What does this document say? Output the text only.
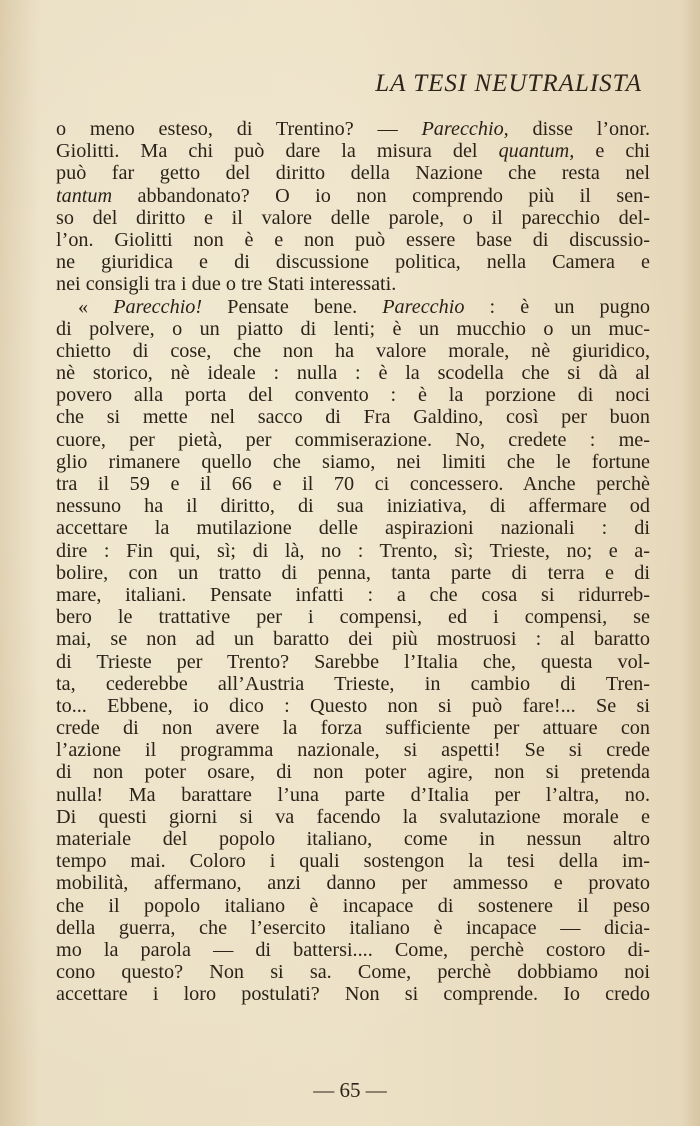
LA TESI NEUTRALISTA
o meno esteso, di Trentino? — Parecchio, disse l’onor.
Giolitti. Ma chi può dare la misura del quantum, e chi
può far getto del diritto della Nazione che resta nel
tantum abbandonato? O io non comprendo più il sen-
so del diritto e il valore delle parole, o il parecchio del-
l’on. Giolitti non è e non può essere base di discussio-
ne giuridica e di discussione politica, nella Camera e
nei consigli tra i due o tre Stati interessati.
« Parecchio! Pensate bene. Parecchio : è un pugno
di polvere, o un piatto di lenti; è un mucchio o un muc-
chietto di cose, che non ha valore morale, nè giuridico,
nè storico, nè ideale : nulla : è la scodella che si dà al
povero alla porta del convento : è la porzione di noci
che si mette nel sacco di Fra Galdino, così per buon
cuore, per pietà, per commiserazione. No, credete : me-
glio rimanere quello che siamo, nei limiti che le fortune
tra il 59 e il 66 e il 70 ci concessero. Anche perchè
nessuno ha il diritto, di sua iniziativa, di affermare od
accettare la mutilazione delle aspirazioni nazionali : di
dire : Fin qui, sì; di là, no : Trento, sì; Trieste, no; e a-
bolire, con un tratto di penna, tanta parte di terra e di
mare, italiani. Pensate infatti : a che cosa si ridurreb-
bero le trattative per i compensi, ed i compensi, se
mai, se non ad un baratto dei più mostruosi : al baratto
di Trieste per Trento? Sarebbe l’Italia che, questa vol-
ta, cederebbe all’Austria Trieste, in cambio di Tren-
to... Ebbene, io dico : Questo non si può fare!... Se si
crede di non avere la forza sufficiente per attuare con
l’azione il programma nazionale, si aspetti! Se si crede
di non poter osare, di non poter agire, non si pretenda
nulla! Ma barattare l’una parte d’Italia per l’altra, no.
Di questi giorni si va facendo la svalutazione morale e
materiale del popolo italiano, come in nessun altro
tempo mai. Coloro i quali sostengon la tesi della im-
mobilità, affermano, anzi danno per ammesso e provato
che il popolo italiano è incapace di sostenere il peso
della guerra, che l’esercito italiano è incapace — dicia-
mo la parola — di battersi.... Come, perchè costoro di-
cono questo? Non si sa. Come, perchè dobbiamo noi
accettare i loro postulati? Non si comprende. Io credo
— 65 —
